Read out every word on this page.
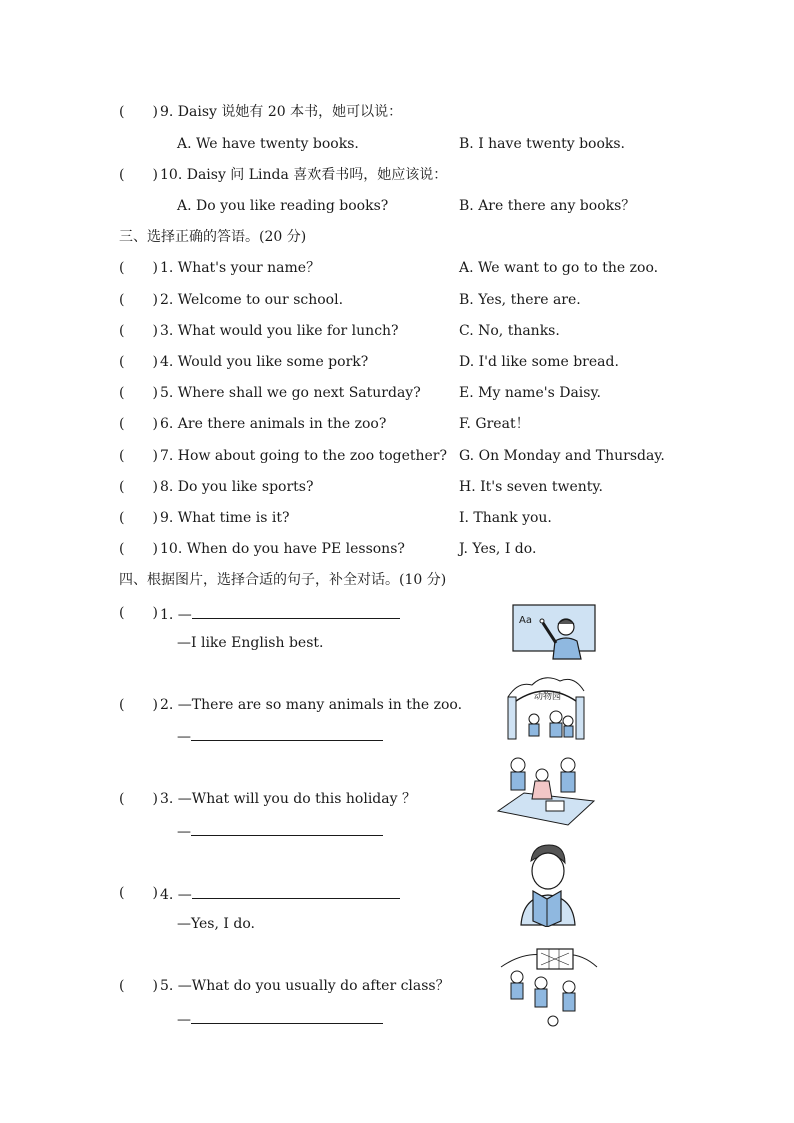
(　　) 9. Daisy 说她有 20 本书，她可以说：
A. We have twenty books.	B. I have twenty books.
(　　) 10. Daisy 问 Linda 喜欢看书吗，她应该说：
A. Do you like reading books?	B. Are there any books？
三、选择正确的答语。(20 分)
(　　) 1. What's your name？	A. We want to go to the zoo.
(　　) 2. Welcome to our school.	B. Yes, there are.
(　　) 3. What would you like for lunch?	C. No, thanks.
(　　) 4. Would you like some pork?	D. I'd like some bread.
(　　) 5. Where shall we go next Saturday?	E. My name's Daisy.
(　　) 6. Are there animals in the zoo?	F. Great！
(　　) 7. How about going to the zoo together? G. On Monday and Thursday.
(　　) 8. Do you like sports?	H. It's seven twenty.
(　　) 9. What time is it?	I. Thank you.
(　　) 10. When do you have PE lessons?	J. Yes, I do.
四、根据图片，选择合适的句子，补全对话。(10 分)
(　　) 1. —
—I like English best.
(　　) 2. —There are so many animals in the zoo.
—
(　　) 3. —What will you do this holiday ？
—
(　　) 4. —
—Yes, I do.
(　　) 5. —What do you usually do after class？
—
Aa
动物园
